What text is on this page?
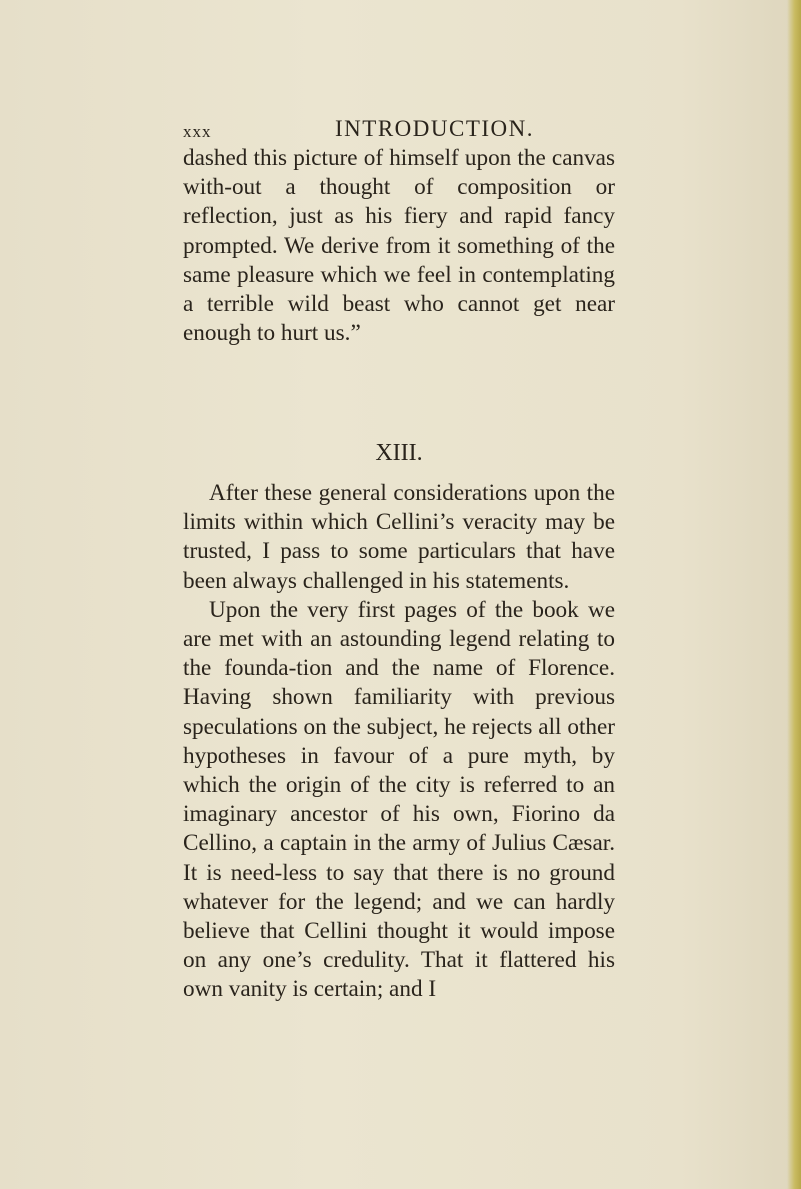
xxx	INTRODUCTION.

dashed this picture of himself upon the canvas with-out a thought of composition or reflection, just as his fiery and rapid fancy prompted. We derive from it something of the same pleasure which we feel in contemplating a terrible wild beast who cannot get near enough to hurt us.”

XIII.

After these general considerations upon the limits within which Cellini’s veracity may be trusted, I pass to some particulars that have been always challenged in his statements.

Upon the very first pages of the book we are met with an astounding legend relating to the founda-tion and the name of Florence. Having shown familiarity with previous speculations on the subject, he rejects all other hypotheses in favour of a pure myth, by which the origin of the city is referred to an imaginary ancestor of his own, Fiorino da Cellino, a captain in the army of Julius Cæsar. It is need-less to say that there is no ground whatever for the legend; and we can hardly believe that Cellini thought it would impose on any one’s credulity. That it flattered his own vanity is certain; and I
